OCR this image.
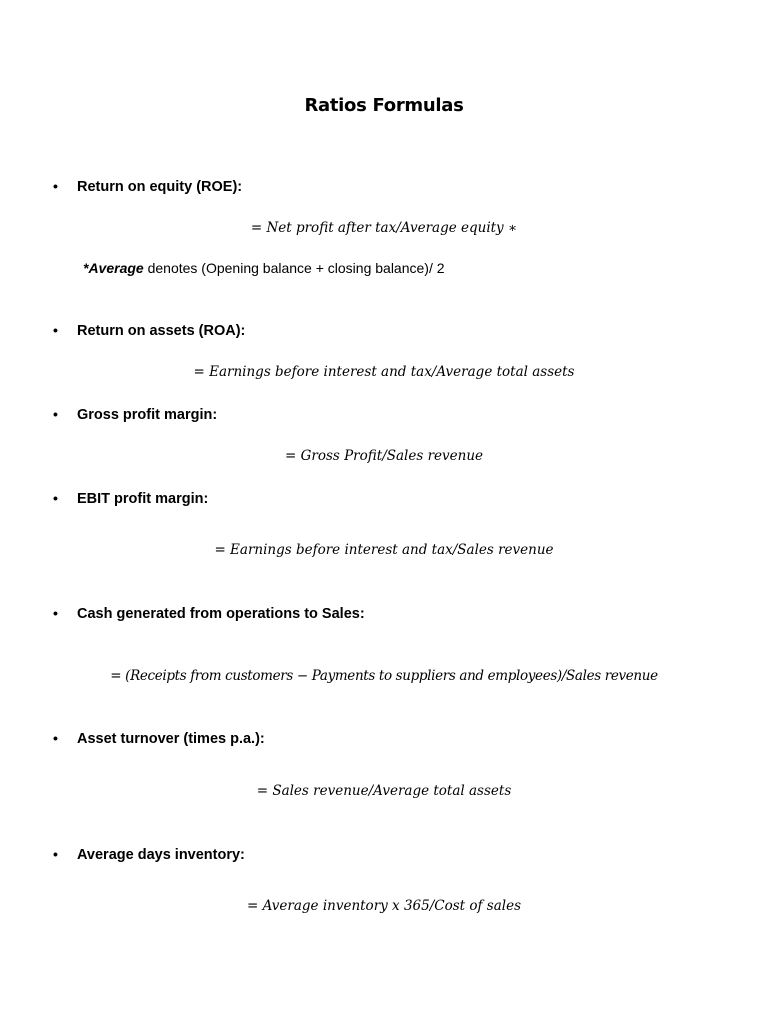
Ratios Formulas
• Return on equity (ROE):
= Net profit after tax/Average equity ∗
*Average denotes (Opening balance + closing balance)/ 2
• Return on assets (ROA):
= Earnings before interest and tax/Average total assets
• Gross profit margin:
= Gross Profit/Sales revenue
• EBIT profit margin:
= Earnings before interest and tax/Sales revenue
• Cash generated from operations to Sales:
= (Receipts from customers − Payments to suppliers and employees)/Sales revenue
• Asset turnover (times p.a.):
= Sales revenue/Average total assets
• Average days inventory:
= Average inventory x 365/Cost of sales
